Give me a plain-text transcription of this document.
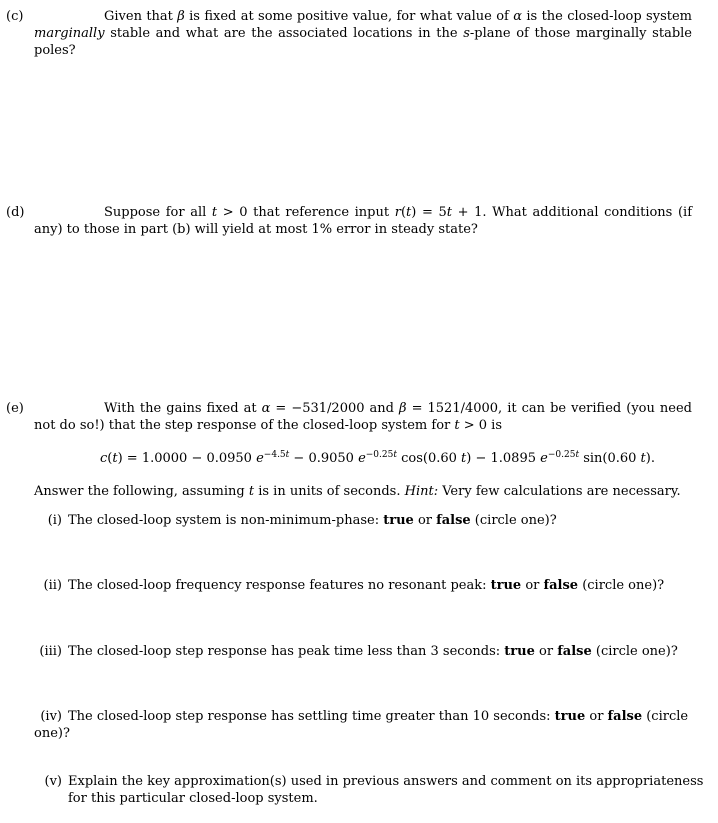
(c)	Given that β is fixed at some positive value, for what value of α is the closed-loop system marginally stable and what are the associated locations in the s-plane of those marginally stable poles?
(d)	Suppose for all t > 0 that reference input r(t) = 5t + 1. What additional conditions (if any) to those in part (b) will yield at most 1% error in steady state?
(e)	With the gains fixed at α = −531/2000 and β = 1521/4000, it can be verified (you need not do so!) that the step response of the closed-loop system for t > 0 is
c(t) = 1.0000 − 0.0950 $e^{-4.5t} - 0.9050$ $e^{-0.25t}$ cos(0.60 t) − 1.0895 $e^{-0.25t}$ sin(0.60 t).
Answer the following, assuming t is in units of seconds. Hint: Very few calculations are necessary.
(i) The closed-loop system is non-minimum-phase: true or false (circle one)?
(ii) The closed-loop frequency response features no resonant peak: true or false (circle one)?
(iii) The closed-loop step response has peak time less than 3 seconds: true or false (circle one)?
(iv) The closed-loop step response has settling time greater than 10 seconds: true or false (circle one)?
(v) Explain the key approximation(s) used in previous answers and comment on its appropriateness for this particular closed-loop system.
